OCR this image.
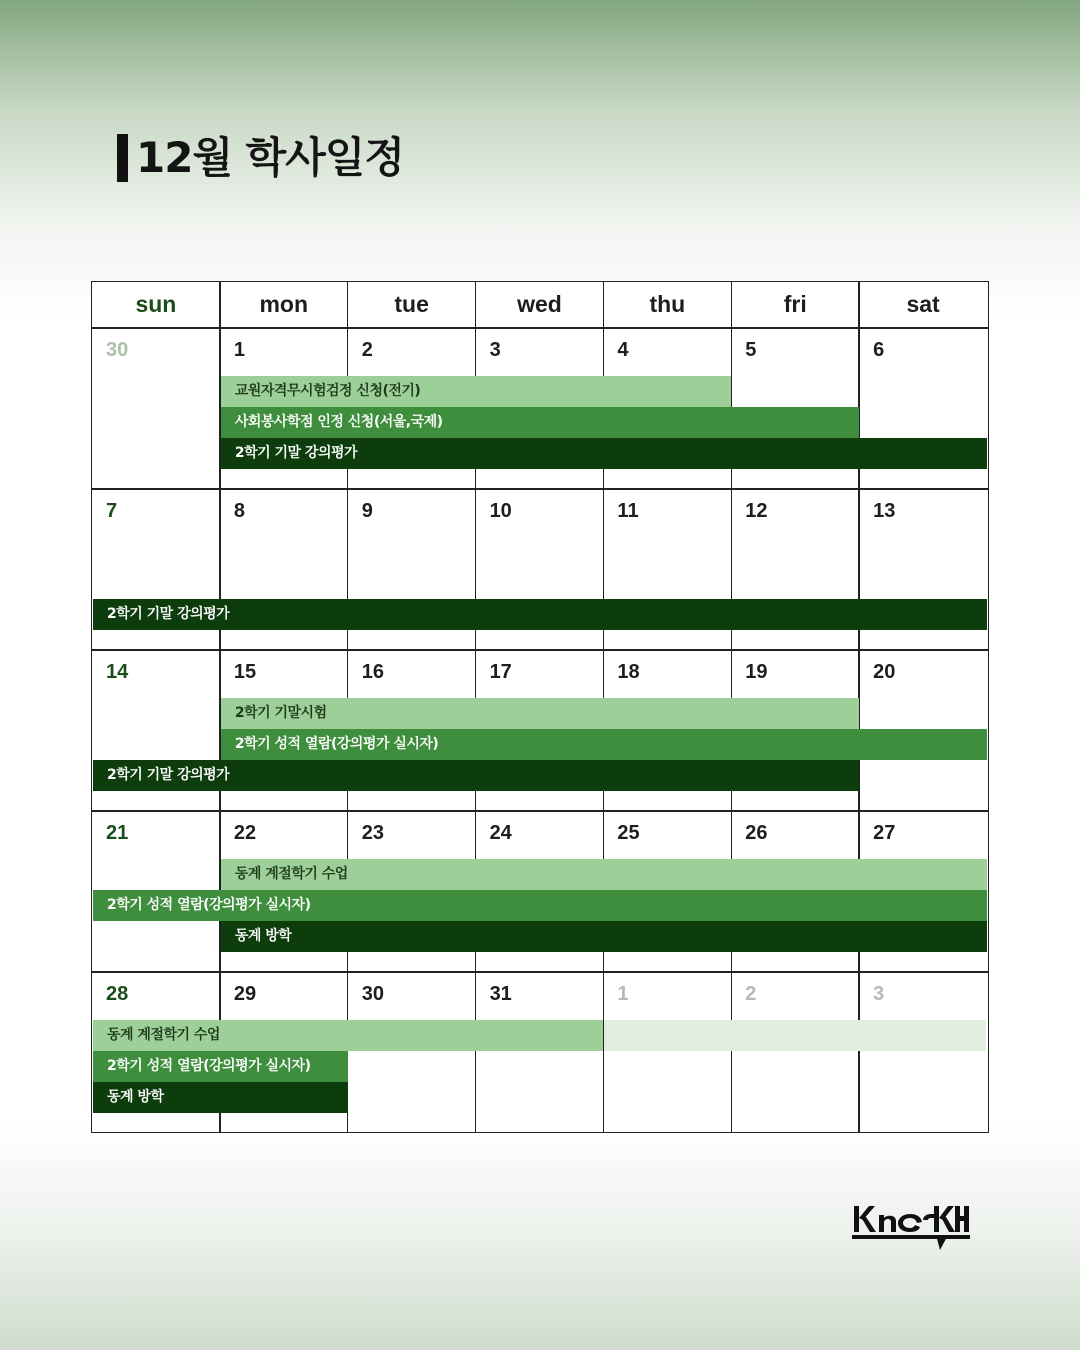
12월 학사일정
sun	mon	tue	wed	thu	fri	sat
30	1	2	3	4	5	6
교원자격무시험검정 신청(전기)
사회봉사학점 인정 신청(서울,국제)
2학기 기말 강의평가
7	8	9	10	11	12	13
2학기 기말 강의평가
14	15	16	17	18	19	20
2학기 기말시험
2학기 성적 열람(강의평가 실시자)
2학기 기말 강의평가
21	22	23	24	25	26	27
동계 계절학기 수업
2학기 성적 열람(강의평가 실시자)
동계 방학
28	29	30	31	1	2	3
동계 계절학기 수업
2학기 성적 열람(강의평가 실시자)
동계 방학
